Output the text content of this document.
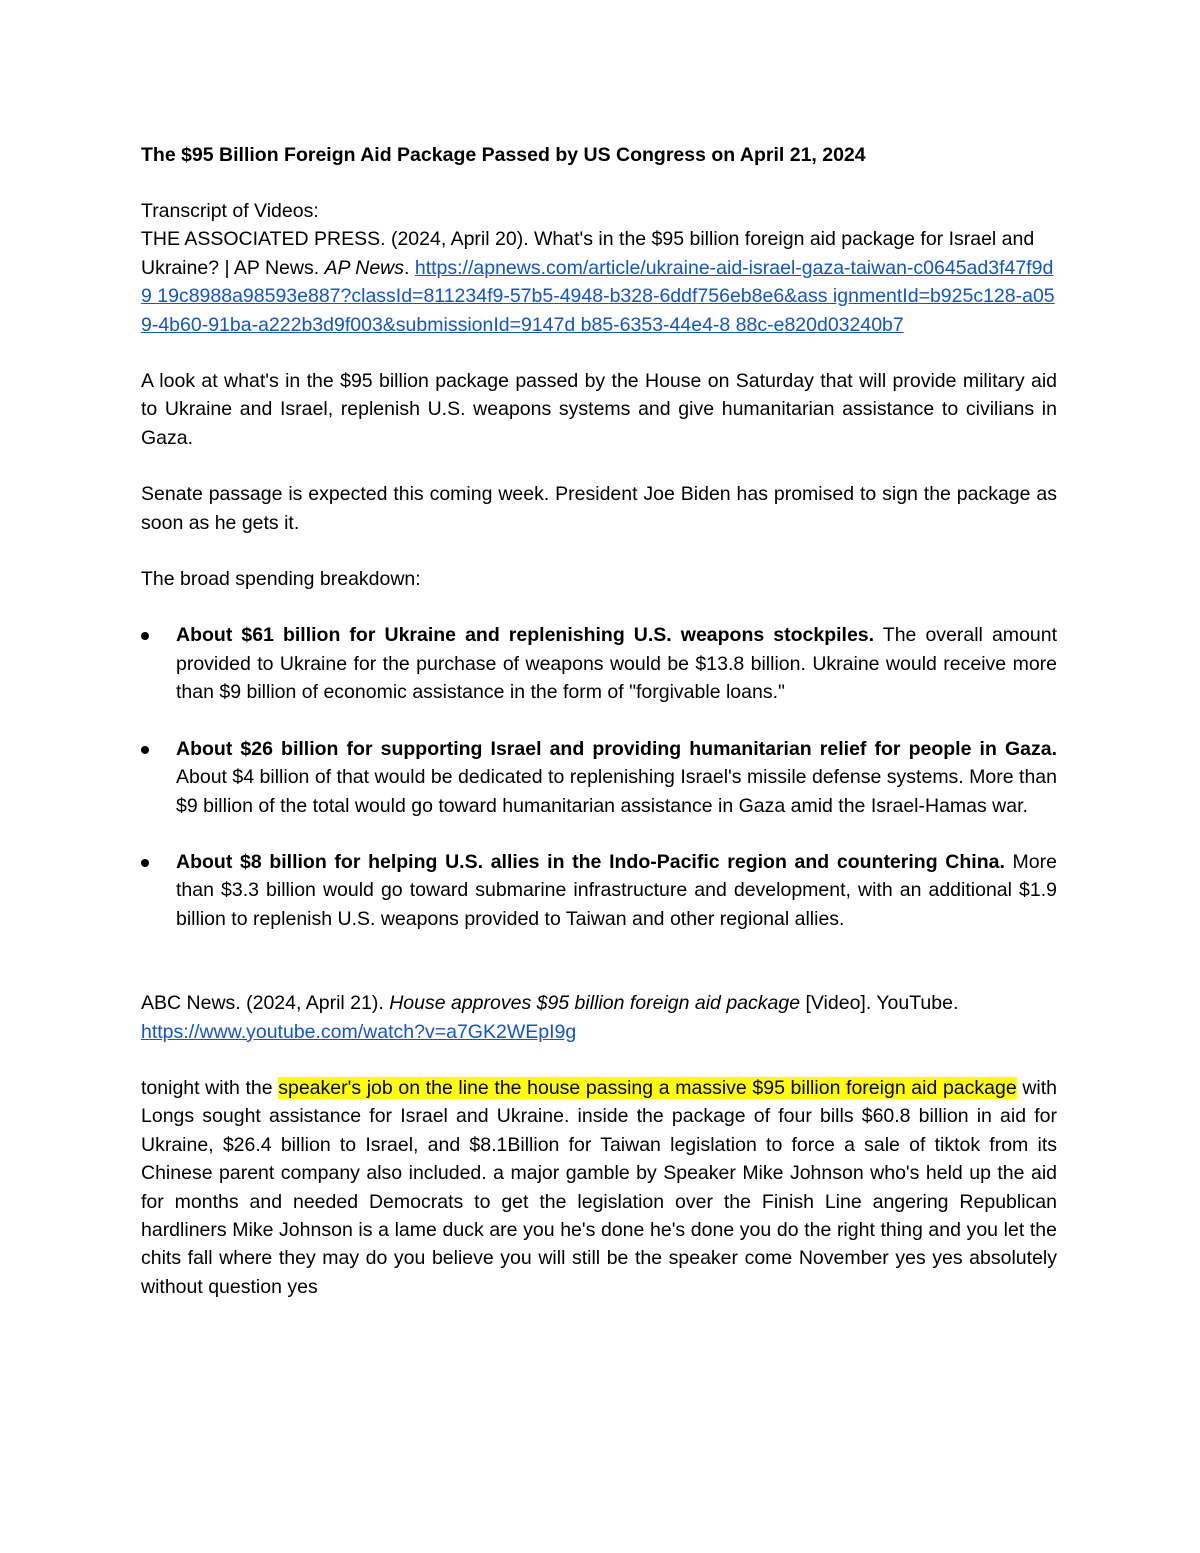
The $95 Billion Foreign Aid Package Passed by US Congress on April 21, 2024

Transcript of Videos:
THE ASSOCIATED PRESS. (2024, April 20). What's in the $95 billion foreign aid package for Israel and Ukraine? | AP News. AP News. https://apnews.com/article/ukraine-aid-israel-gaza-taiwan-c0645ad3f47f9d9 19c8988a98593e887?classId=811234f9-57b5-4948-b328-6ddf756eb8e6&ass ignmentId=b925c128-a059-4b60-91ba-a222b3d9f003&submissionId=9147d b85-6353-44e4-8 88c-e820d03240b7
A look at what's in the $95 billion package passed by the House on Saturday that will provide military aid to Ukraine and Israel, replenish U.S. weapons systems and give humanitarian assistance to civilians in Gaza.
Senate passage is expected this coming week. President Joe Biden has promised to sign the package as soon as he gets it.
The broad spending breakdown:
About $61 billion for Ukraine and replenishing U.S. weapons stockpiles. The overall amount provided to Ukraine for the purchase of weapons would be $13.8 billion. Ukraine would receive more than $9 billion of economic assistance in the form of "forgivable loans."
About $26 billion for supporting Israel and providing humanitarian relief for people in Gaza. About $4 billion of that would be dedicated to replenishing Israel's missile defense systems. More than $9 billion of the total would go toward humanitarian assistance in Gaza amid the Israel-Hamas war.
About $8 billion for helping U.S. allies in the Indo-Pacific region and countering China. More than $3.3 billion would go toward submarine infrastructure and development, with an additional $1.9 billion to replenish U.S. weapons provided to Taiwan and other regional allies.
ABC News. (2024, April 21). House approves $95 billion foreign aid package [Video]. YouTube.
https://www.youtube.com/watch?v=a7GK2WEpI9g
tonight with the speaker's job on the line the house passing a massive $95 billion foreign aid package with Longs sought assistance for Israel and Ukraine. inside the package of four bills $60.8 billion in aid for Ukraine, $26.4 billion to Israel, and $8.1Billion for Taiwan legislation to force a sale of tiktok from its Chinese parent company also included. a major gamble by Speaker Mike Johnson who's held up the aid for months and needed Democrats to get the legislation over the Finish Line angering Republican hardliners Mike Johnson is a lame duck are you he's done he's done you do the right thing and you let the chits fall where they may do you believe you will still be the speaker come November yes yes absolutely without question yes
